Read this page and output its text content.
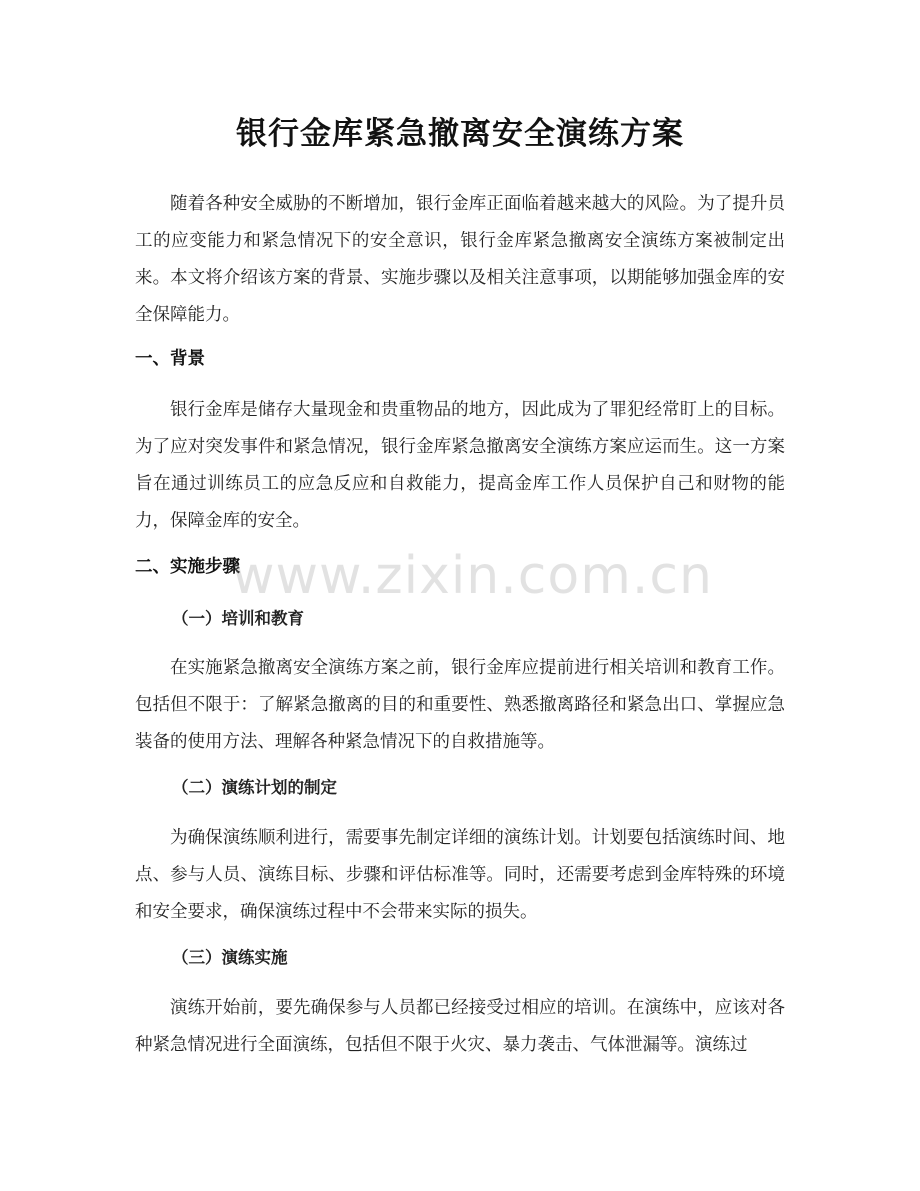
银行金库紧急撤离安全演练方案

随着各种安全威胁的不断增加，银行金库正面临着越来越大的风险。为了提升员工的应变能力和紧急情况下的安全意识，银行金库紧急撤离安全演练方案被制定出来。本文将介绍该方案的背景、实施步骤以及相关注意事项，以期能够加强金库的安全保障能力。

一、背景

银行金库是储存大量现金和贵重物品的地方，因此成为了罪犯经常盯上的目标。为了应对突发事件和紧急情况，银行金库紧急撤离安全演练方案应运而生。这一方案旨在通过训练员工的应急反应和自救能力，提高金库工作人员保护自己和财物的能力，保障金库的安全。

二、实施步骤
（一）培训和教育

在实施紧急撤离安全演练方案之前，银行金库应提前进行相关培训和教育工作。包括但不限于：了解紧急撤离的目的和重要性、熟悉撤离路径和紧急出口、掌握应急装备的使用方法、理解各种紧急情况下的自救措施等。

（二）演练计划的制定

为确保演练顺利进行，需要事先制定详细的演练计划。计划要包括演练时间、地点、参与人员、演练目标、步骤和评估标准等。同时，还需要考虑到金库特殊的环境和安全要求，确保演练过程中不会带来实际的损失。

（三）演练实施

演练开始前，要先确保参与人员都已经接受过相应的培训。在演练中，应该对各种紧急情况进行全面演练，包括但不限于火灾、暴力袭击、气体泄漏等。演练过

www.zixin.com.cn
